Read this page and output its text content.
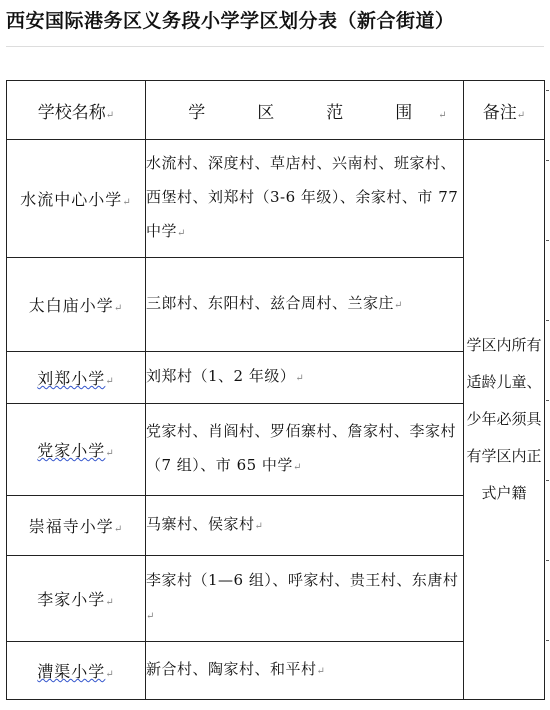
西安国际港务区义务段小学学区划分表（新合街道）
学校名称↵	学 区 范 围 ↵	备注↵
水流中心小学↵	水流村、深度村、草店村、兴南村、班家村、西堡村、刘郑村（3-6 年级）、余家村、市 77 中学↵	学区内所有适龄儿童、少年必须具有学区内正式户籍
太白庙小学↵	三郎村、东阳村、兹合周村、兰家庄↵	
刘郑小学↵	刘郑村（1、2 年级）↵	
党家小学↵	党家村、肖阎村、罗佰寨村、詹家村、李家村（7 组）、市 65 中学↵	
崇福寺小学↵	马寨村、侯家村↵	
李家小学↵	李家村（1—6 组）、呼家村、贵王村、东唐村↵	
漕渠小学↵	新合村、陶家村、和平村↵	
